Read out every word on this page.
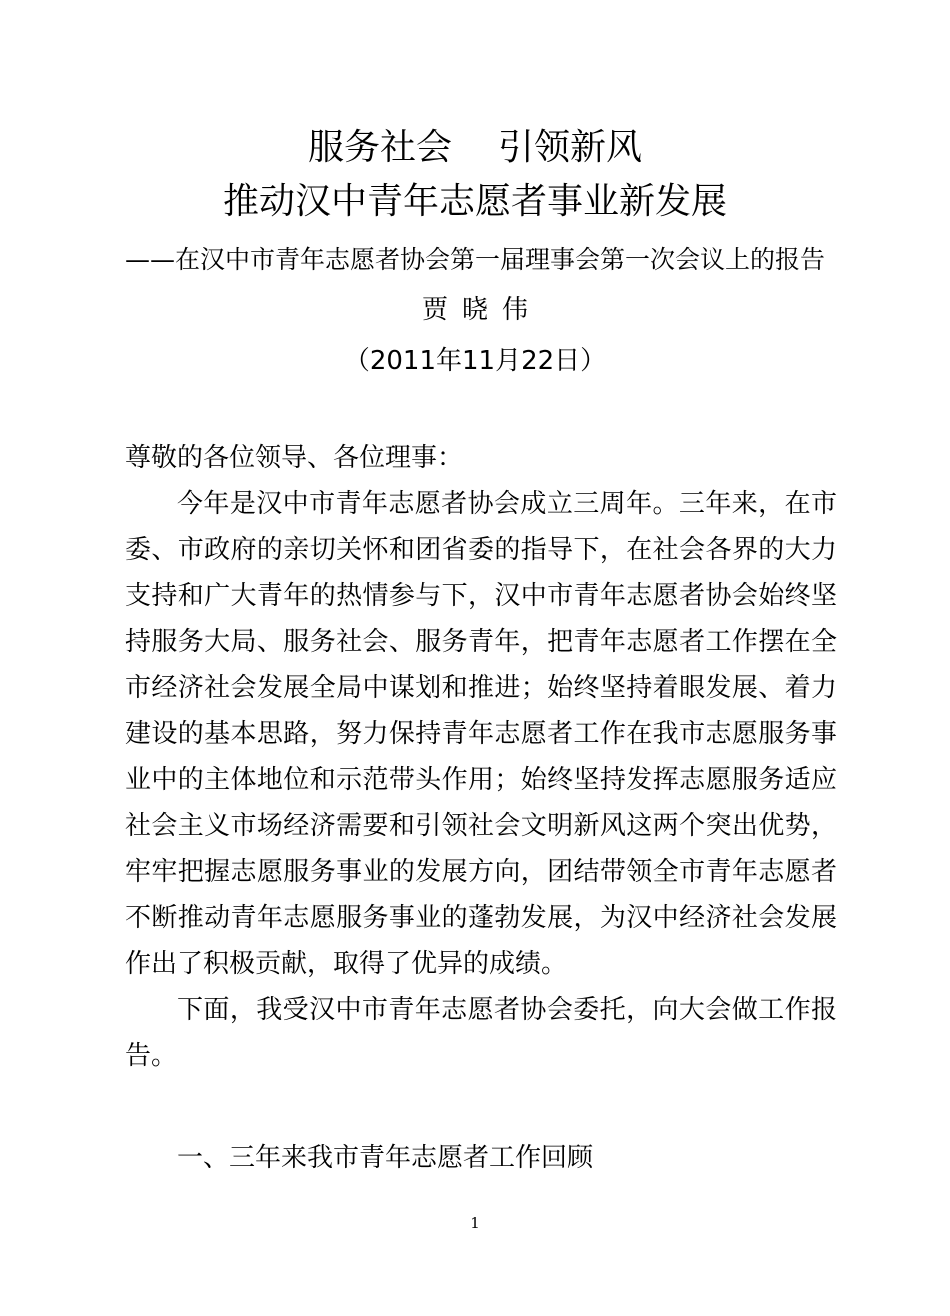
服务社会 引领新风
推动汉中青年志愿者事业新发展
——在汉中市青年志愿者协会第一届理事会第一次会议上的报告
贾晓伟
（2011年11月22日）

尊敬的各位领导、各位理事：

今年是汉中市青年志愿者协会成立三周年。三年来，在市委、市政府的亲切关怀和团省委的指导下，在社会各界的大力支持和广大青年的热情参与下，汉中市青年志愿者协会始终坚持服务大局、服务社会、服务青年，把青年志愿者工作摆在全市经济社会发展全局中谋划和推进；始终坚持着眼发展、着力建设的基本思路，努力保持青年志愿者工作在我市志愿服务事业中的主体地位和示范带头作用；始终坚持发挥志愿服务适应社会主义市场经济需要和引领社会文明新风这两个突出优势，牢牢把握志愿服务事业的发展方向，团结带领全市青年志愿者不断推动青年志愿服务事业的蓬勃发展，为汉中经济社会发展作出了积极贡献，取得了优异的成绩。

下面，我受汉中市青年志愿者协会委托，向大会做工作报告。

一、三年来我市青年志愿者工作回顾

1
